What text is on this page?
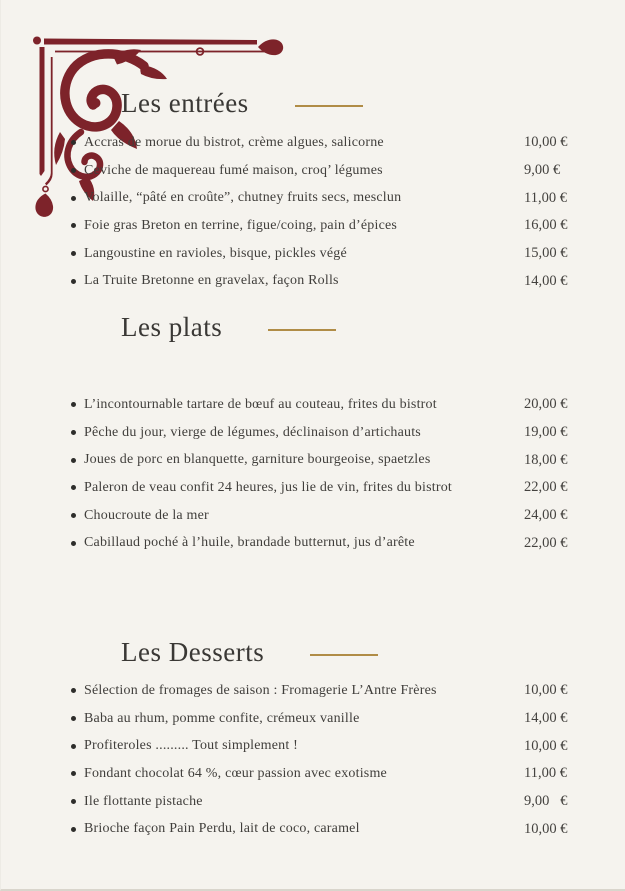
Les entrées
Accras de morue du bistrot, crème algues, salicorne	10,00 €
Ceviche de maquereau fumé maison, croq’ légumes	9,00 €
Volaille, “pâté en croûte”, chutney fruits secs, mesclun	11,00 €
Foie gras Breton en terrine, figue/coing, pain d’épices	16,00 €
Langoustine en ravioles, bisque, pickles végé	15,00 €
La Truite Bretonne en gravelax, façon Rolls	14,00 €
Les plats
L’incontournable tartare de bœuf au couteau, frites du bistrot	20,00 €
Pêche du jour, vierge de légumes, déclinaison d’artichauts	19,00 €
Joues de porc en blanquette, garniture bourgeoise, spaetzles	18,00 €
Paleron de veau confit 24 heures, jus lie de vin, frites du bistrot	22,00 €
Choucroute de la mer	24,00 €
Cabillaud poché à l’huile, brandade butternut, jus d’arête	22,00 €
Les Desserts
Sélection de fromages de saison : Fromagerie L’Antre Frères	10,00 €
Baba au rhum, pomme confite, crémeux vanille	14,00 €
Profiteroles ......... Tout simplement !	10,00 €
Fondant chocolat 64 %, cœur passion avec exotisme	11,00 €
Ile flottante pistache	9,00   €
Brioche façon Pain Perdu, lait de coco, caramel	10,00 €
